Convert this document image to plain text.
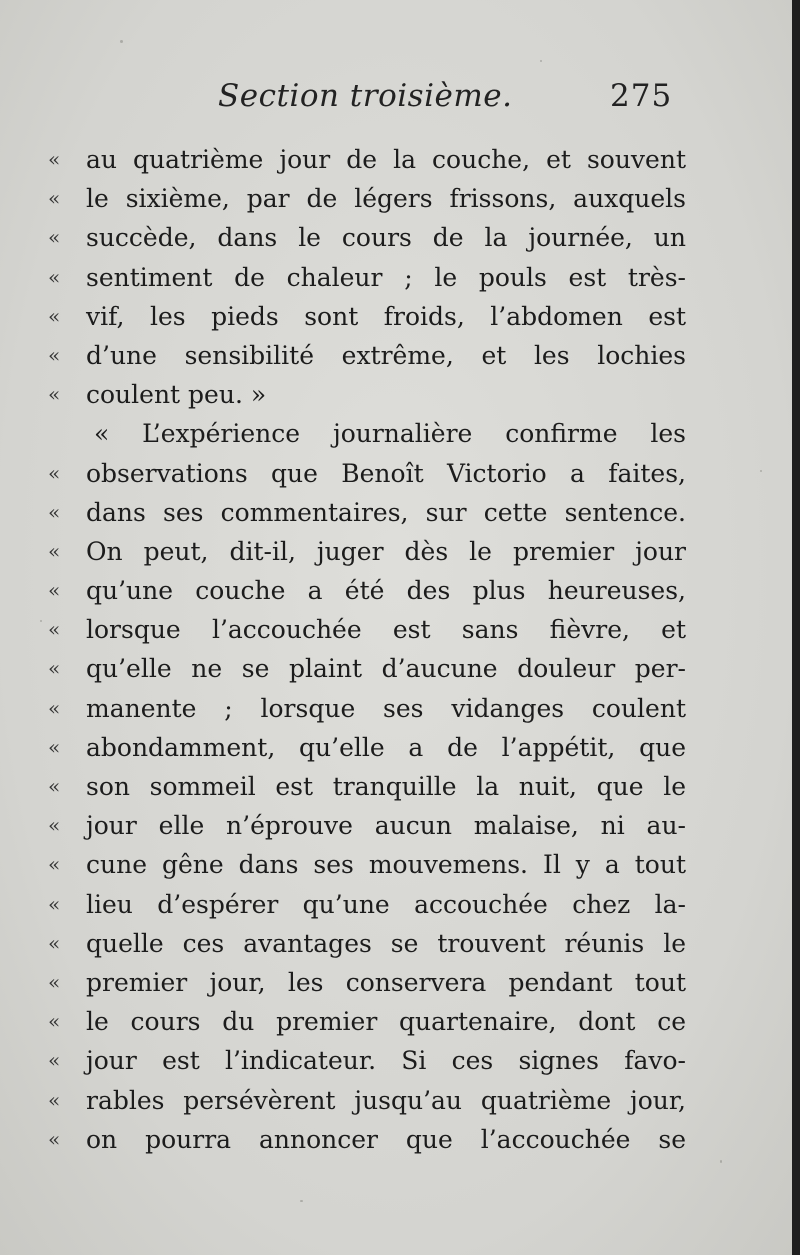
Section troisième.	275
«	au quatrième jour de la couche, et souvent
«	le sixième, par de légers frissons, auxquels
«	succède, dans le cours de la journée, un
«	sentiment de chaleur ; le pouls est très-
«	vif, les pieds sont froids, l’abdomen est
«	d’une sensibilité extrême, et les lochies
«	coulent peu. »
« L’expérience journalière confirme les
«	observations que Benoît Victorio a faites,
«	dans ses commentaires, sur cette sentence.
«	On peut, dit-il, juger dès le premier jour
«	qu’une couche a été des plus heureuses,
«	lorsque l’accouchée est sans fièvre, et
«	qu’elle ne se plaint d’aucune douleur per-
«	manente ; lorsque ses vidanges coulent
«	abondamment, qu’elle a de l’appétit, que
«	son sommeil est tranquille la nuit, que le
«	jour elle n’éprouve aucun malaise, ni au-
«	cune gêne dans ses mouvemens. Il y a tout
«	lieu d’espérer qu’une accouchée chez la-
«	quelle ces avantages se trouvent réunis le
«	premier jour, les conservera pendant tout
«	le cours du premier quartenaire, dont ce
«	jour est l’indicateur. Si ces signes favo-
«	rables persévèrent jusqu’au quatrième jour,
«	on pourra annoncer que l’accouchée se
